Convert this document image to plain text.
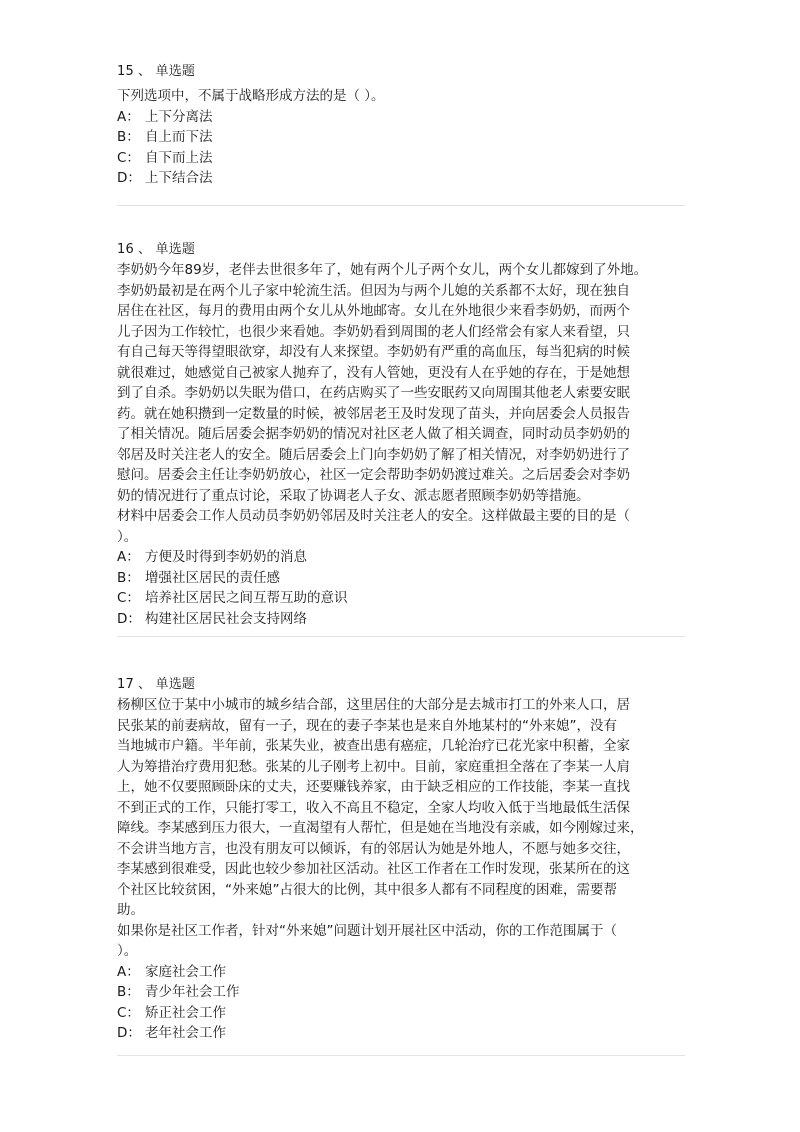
15 、 单选题

下列选项中，不属于战略形成方法的是（ ）。

A： 上下分离法
B： 自上而下法
C： 自下而上法
D： 上下结合法
16 、 单选题

李奶奶今年89岁，老伴去世很多年了，她有两个儿子两个女儿，两个女儿都嫁到了外地。

李奶奶最初是在两个儿子家中轮流生活。但因为与两个儿媳的关系都不太好，现在独自

居住在社区，每月的费用由两个女儿从外地邮寄。女儿在外地很少来看李奶奶，而两个

儿子因为工作较忙，也很少来看她。李奶奶看到周围的老人们经常会有家人来看望，只

有自己每天等得望眼欲穿，却没有人来探望。李奶奶有严重的高血压，每当犯病的时候

就很难过，她感觉自己被家人抛弃了，没有人管她，更没有人在乎她的存在，于是她想

到了自杀。李奶奶以失眠为借口，在药店购买了一些安眠药又向周围其他老人索要安眠

药。就在她积攒到一定数量的时候，被邻居老王及时发现了苗头，并向居委会人员报告

了相关情况。随后居委会据李奶奶的情况对社区老人做了相关调查，同时动员李奶奶的

邻居及时关注老人的安全。随后居委会上门向李奶奶了解了相关情况，对李奶奶进行了

慰问。居委会主任让李奶奶放心，社区一定会帮助李奶奶渡过难关。之后居委会对李奶

奶的情况进行了重点讨论，采取了协调老人子女、派志愿者照顾李奶奶等措施。

材料中居委会工作人员动员李奶奶邻居及时关注老人的安全。这样做最主要的目的是（

）。

A： 方便及时得到李奶奶的消息
B： 增强社区居民的责任感
C： 培养社区居民之间互帮互助的意识
D： 构建社区居民社会支持网络
17 、 单选题

杨柳区位于某中小城市的城乡结合部，这里居住的大部分是去城市打工的外来人口，居

民张某的前妻病故，留有一子，现在的妻子李某也是来自外地某村的“外来媳”，没有

当地城市户籍。半年前，张某失业，被查出患有癌症，几轮治疗已花光家中积蓄，全家

人为筹措治疗费用犯愁。张某的儿子刚考上初中。目前，家庭重担全落在了李某一人肩

上，她不仅要照顾卧床的丈夫，还要赚钱养家，由于缺乏相应的工作技能，李某一直找

不到正式的工作，只能打零工，收入不高且不稳定，全家人均收入低于当地最低生活保

障线。李某感到压力很大，一直渴望有人帮忙，但是她在当地没有亲戚，如今刚嫁过来，

不会讲当地方言，也没有朋友可以倾诉，有的邻居认为她是外地人，不愿与她多交往，

李某感到很难受，因此也较少参加社区活动。社区工作者在工作时发现，张某所在的这

个社区比较贫困，“外来媳”占很大的比例，其中很多人都有不同程度的困难，需要帮

助。

如果你是社区工作者，针对“外来媳”问题计划开展社区中活动，你的工作范围属于（

）。

A： 家庭社会工作
B： 青少年社会工作
C： 矫正社会工作
D： 老年社会工作
